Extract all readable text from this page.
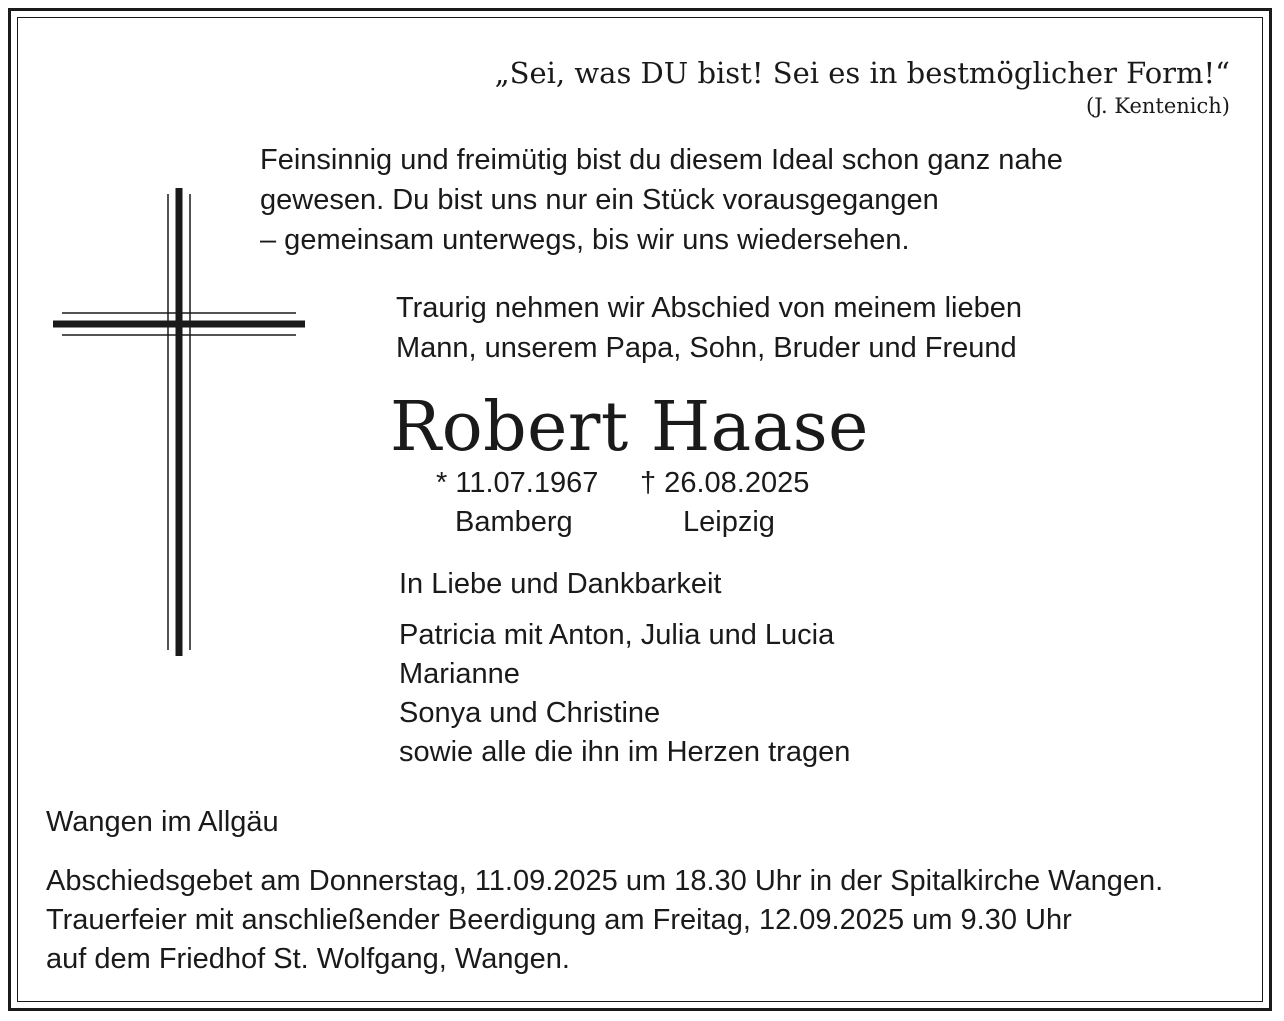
„Sei, was DU bist! Sei es in bestmöglicher Form!“
(J. Kentenich)
Feinsinnig und freimütig bist du diesem Ideal schon ganz nahe
gewesen. Du bist uns nur ein Stück vorausgegangen
– gemeinsam unterwegs, bis wir uns wiedersehen.
Traurig nehmen wir Abschied von meinem lieben
Mann, unserem Papa, Sohn, Bruder und Freund
Robert Haase
* 11.07.1967 † 26.08.2025
Bamberg	Leipzig
In Liebe und Dankbarkeit
Patricia mit Anton, Julia und Lucia
Marianne
Sonya und Christine
sowie alle die ihn im Herzen tragen
Wangen im Allgäu
Abschiedsgebet am Donnerstag, 11.09.2025 um 18.30 Uhr in der Spitalkirche Wangen.
Trauerfeier mit anschließender Beerdigung am Freitag, 12.09.2025 um 9.30 Uhr
auf dem Friedhof St. Wolfgang, Wangen.
